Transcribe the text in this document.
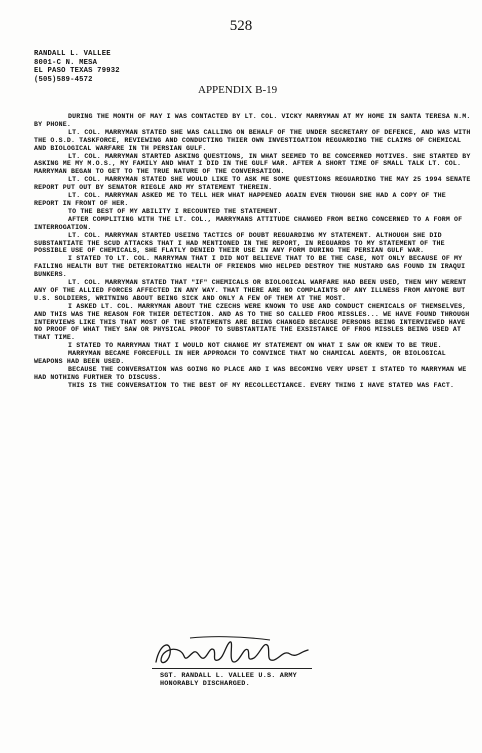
528
RANDALL L. VALLEE
8001-C N. MESA
EL PASO TEXAS 79932
(505)589-4572
APPENDIX B-19

DURING THE MONTH OF MAY I WAS CONTACTED BY LT. COL. VICKY MARRYMAN AT MY HOME IN SANTA TERESA N.M. BY PHONE.

LT. COL. MARRYMAN STATED SHE WAS CALLING ON BEHALF OF THE UNDER SECRETARY OF DEFENCE, AND WAS WITH THE O.S.D. TASKFORCE, REVIEWING AND CONDUCTING THIER OWN INVESTIGATION REGUARDING THE CLAIMS OF CHEMICAL AND BIOLOGICAL WARFARE IN TH PERSIAN GULF.

LT. COL. MARRYMAN STARTED ASKING QUESTIONS, IN WHAT SEEMED TO BE CONCERNED MOTIVES. SHE STARTED BY ASKING ME MY M.O.S., MY FAMILY AND WHAT I DID IN THE GULF WAR. AFTER A SHORT TIME OF SMALL TALK LT. COL. MARRYMAN BEGAN TO GET TO THE TRUE NATURE OF THE CONVERSATION.

LT. COL. MARRYMAN STATED SHE WOULD LIKE TO ASK ME SOME QUESTIONS REGUARDING THE MAY 25 1994 SENATE REPORT PUT OUT BY SENATOR RIEGLE AND MY STATEMENT THEREIN.

LT. COL. MARRYMAN ASKED ME TO TELL HER WHAT HAPPENED AGAIN EVEN THOUGH SHE HAD A COPY OF THE REPORT IN FRONT OF HER.

TO THE BEST OF MY ABILITY I RECOUNTED THE STATEMENT.

AFTER COMPLITING WITH THE LT. COL., MARRYMANS ATTITUDE CHANGED FROM BEING CONCERNED TO A FORM OF INTERROGATION.

LT. COL. MARRYMAN STARTED USEING TACTICS OF DOUBT REGUARDING MY STATEMENT. ALTHOUGH SHE DID SUBSTANTIATE THE SCUD ATTACKS THAT I HAD MENTIONED IN THE REPORT, IN REGUARDS TO MY STATEMENT OF THE POSSIBLE USE OF CHEMICALS, SHE FLATLY DENIED THEIR USE IN ANY FORM DURING THE PERSIAN GULF WAR.

I STATED TO LT. COL. MARRYMAN THAT I DID NOT BELIEVE THAT TO BE THE CASE, NOT ONLY BECAUSE OF MY FAILING HEALTH BUT THE DETERIORATING HEALTH OF FRIENDS WHO HELPED DESTROY THE MUSTARD GAS FOUND IN IRAQUI BUNKERS.

LT. COL. MARRYMAN STATED THAT "IF" CHEMICALS OR BIOLOGICAL WARFARE HAD BEEN USED, THEN WHY WERENT ANY OF THE ALLIED FORCES AFFECTED IN ANY WAY. THAT THERE ARE NO COMPLAINTS OF ANY ILLNESS FROM ANYONE BUT U.S. SOLDIERS, WRITNING ABOUT BEING SICK AND ONLY A FEW OF THEM AT THE MOST.

I ASKED LT. COL. MARRYMAN ABOUT THE CZECHS WERE KNOWN TO USE AND CONDUCT CHEMICALS OF THEMSELVES, AND THIS WAS THE REASON FOR THIER DETECTION. AND AS TO THE SO CALLED FROG MISSLES... WE HAVE FOUND THROUGH INTERVIEWS LIKE THIS THAT MOST OF THE STATEMENTS ARE BEING CHANGED BECAUSE PERSONS BEING INTERVIEWED HAVE NO PROOF OF WHAT THEY SAW OR PHYSICAL PROOF TO SUBSTANTIATE THE EXSISTANCE OF FROG MISSLES BEING USED AT THAT TIME.

I STATED TO MARRYMAN THAT I WOULD NOT CHANGE MY STATEMENT ON WHAT I SAW OR KNEW TO BE TRUE.

MARRYMAN BECAME FORCEFULL IN HER APPROACH TO CONVINCE THAT NO CHAMICAL AGENTS, OR BIOLOGICAL WEAPONS HAD BEEN USED.

BECAUSE THE CONVERSATION WAS GOING NO PLACE AND I WAS BECOMING VERY UPSET I STATED TO MARRYMAN WE HAD NOTHING FURTHER TO DISCUSS.

THIS IS THE CONVERSATION TO THE BEST OF MY RECOLLECTIANCE. EVERY THING I HAVE STATED WAS FACT.

SGT. RANDALL L. VALLEE U.S. ARMY
HONORABLY DISCHARGED.
